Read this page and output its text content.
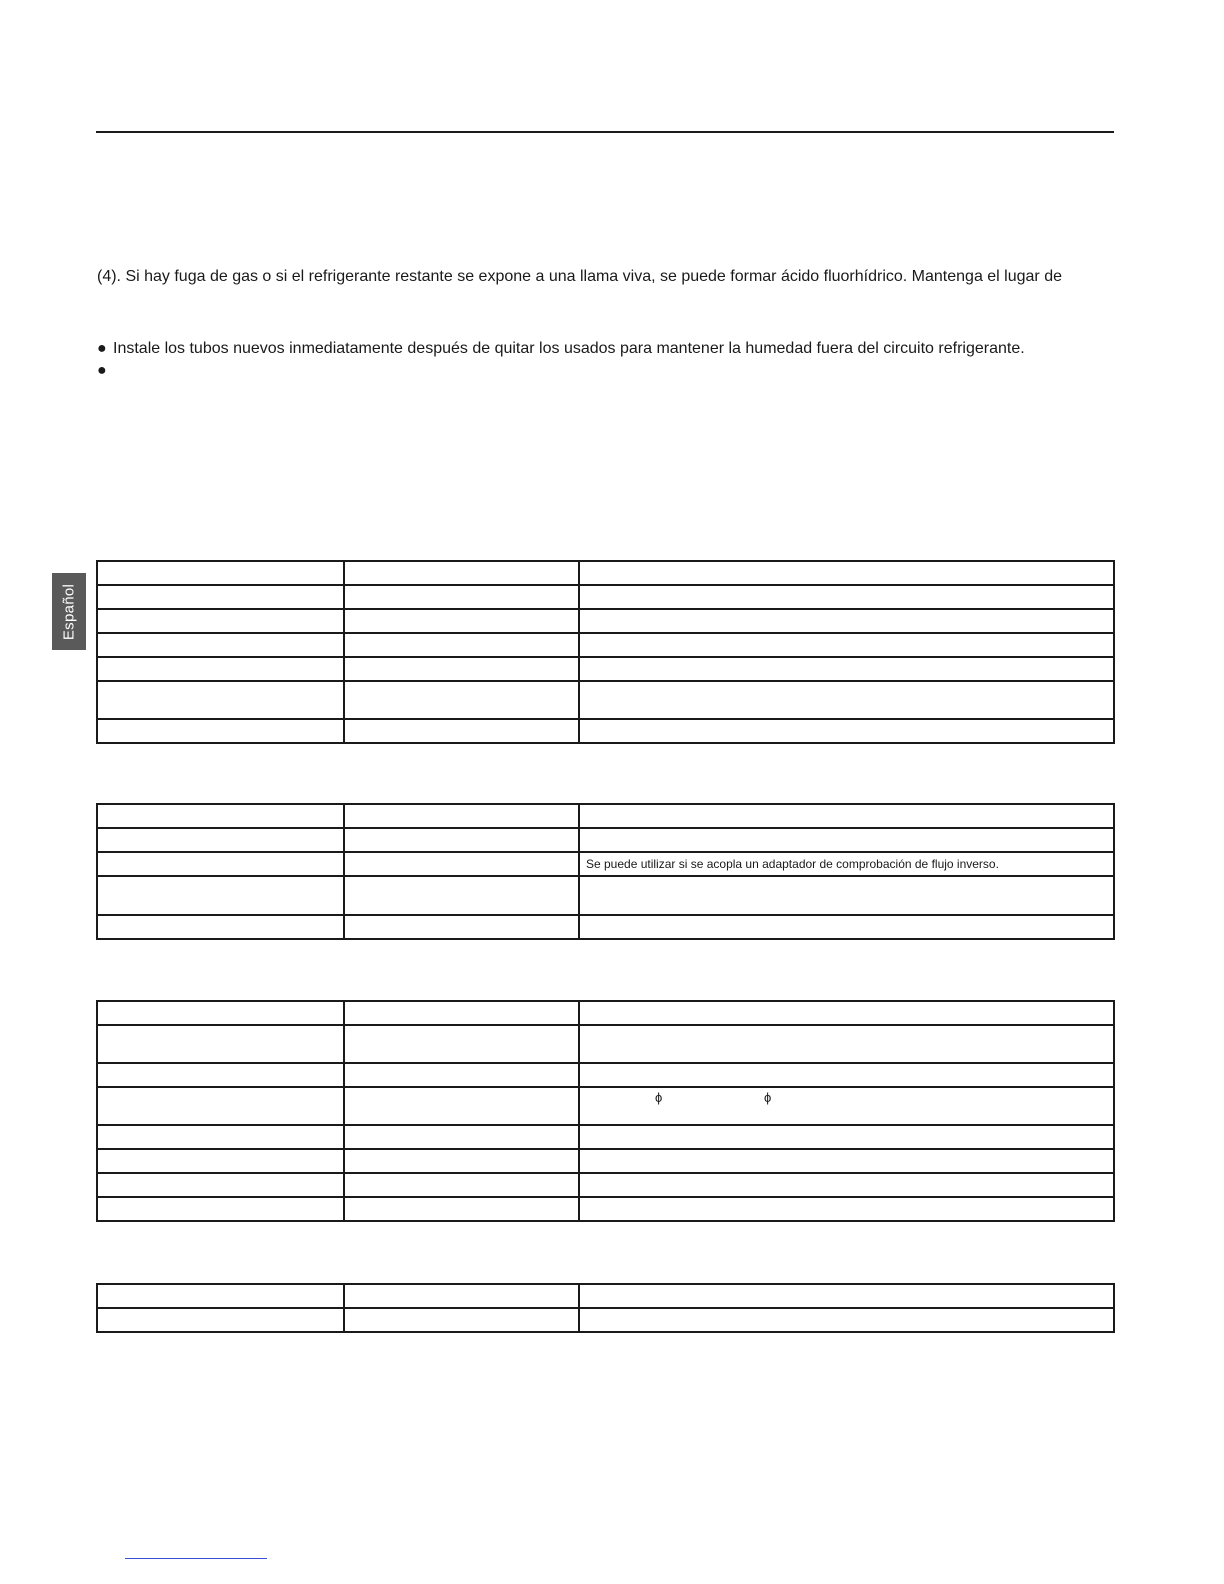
(4). Si hay fuga de gas o si el refrigerante restante se expone a una llama viva, se puede formar ácido fluorhídrico. Mantenga el lugar de
● Instale los tubos nuevos inmediatamente después de quitar los usados para mantener la humedad fuera del circuito refrigerante.
●
Español

		Se puede utilizar si se acopla un adaptador de comprobación de flujo inverso.

		ϕ ϕ
